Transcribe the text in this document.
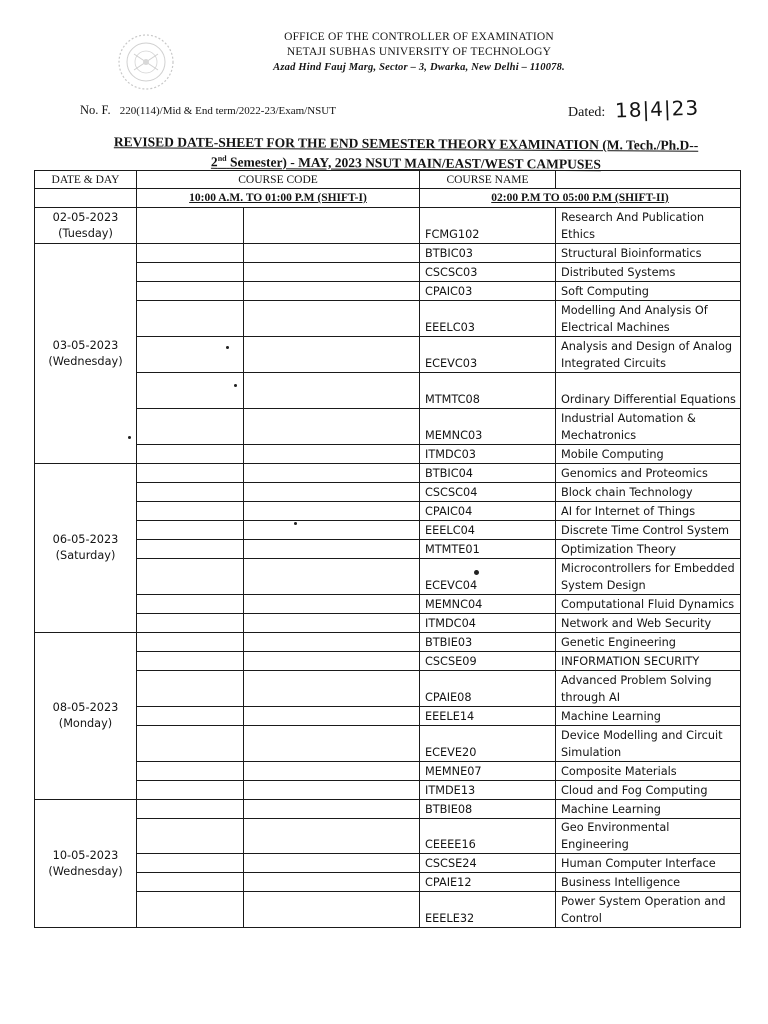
OFFICE OF THE CONTROLLER OF EXAMINATION
NETAJI SUBHAS UNIVERSITY OF TECHNOLOGY
Azad Hind Fauj Marg, Sector – 3, Dwarka, New Delhi – 110078.
No. F. 220(114)/Mid & End term/2022-23/Exam/NSUT	Dated: 18|4|23
REVISED DATE-SHEET FOR THE END SEMESTER THEORY EXAMINATION (M. Tech./Ph.D--
2nd Semester) - MAY, 2023 NSUT MAIN/EAST/WEST CAMPUSES
DATE & DAY	COURSE CODE		COURSE NAME	
	10:00 A.M. TO 01:00 P.M (SHIFT-I)		02:00 P.M TO 05:00 P.M (SHIFT-II)	

02-05-2023
(Tuesday)			FCMG102	Research And Publication Ethics

03-05-2023
(Wednesday)			BTBIC03	Structural Bioinformatics
			CSCSC03	Distributed Systems
			CPAIC03	Soft Computing
			EEELC03	Modelling And Analysis Of Electrical Machines
			ECEVC03	Analysis and Design of Analog Integrated Circuits
			MTMTC08	Ordinary Differential Equations
			MEMNC03	Industrial Automation & Mechatronics
			ITMDC03	Mobile Computing

06-05-2023
(Saturday)			BTBIC04	Genomics and Proteomics
			CSCSC04	Block chain Technology
			CPAIC04	AI for Internet of Things
			EEELC04	Discrete Time Control System
			MTMTE01	Optimization Theory
			ECEVC04	Microcontrollers for Embedded System Design
			MEMNC04	Computational Fluid Dynamics
			ITMDC04	Network and Web Security

08-05-2023
(Monday)			BTBIE03	Genetic Engineering
			CSCSE09	INFORMATION SECURITY
			CPAIE08	Advanced Problem Solving through AI
			EEELE14	Machine Learning
			ECEVE20	Device Modelling and Circuit Simulation
			MEMNE07	Composite Materials
			ITMDE13	Cloud and Fog Computing

10-05-2023
(Wednesday)			BTBIE08	Machine Learning
			CEEEE16	Geo Environmental Engineering
			CSCSE24	Human Computer Interface
			CPAIE12	Business Intelligence
			EEELE32	Power System Operation and Control
